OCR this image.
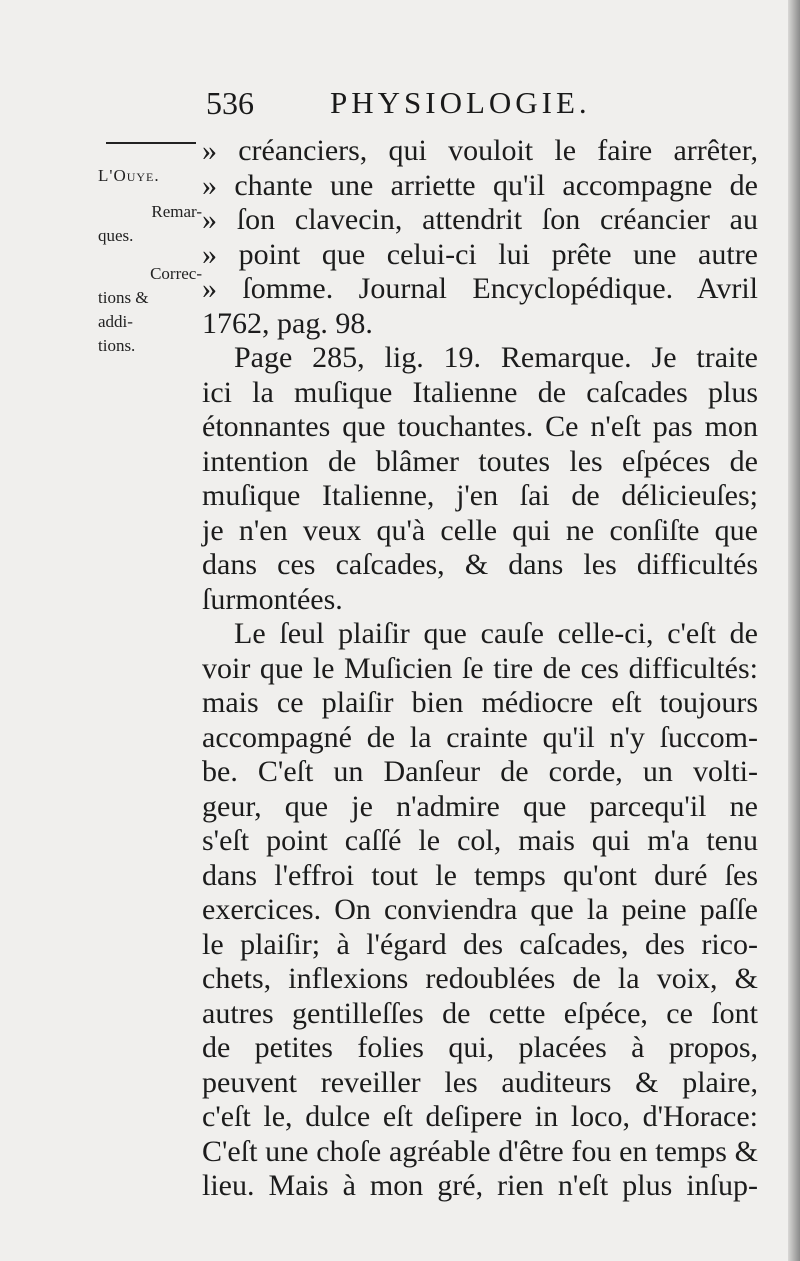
536 PHYSIOLOGIE.
L'Ouye.
Remar-
ques.
Correc-
tions &
addi-
tions.
» créanciers, qui vouloit le faire arrêter,
» chante une arriette qu'il accompagne de
» ſon clavecin, attendrit ſon créancier au
» point que celui-ci lui prête une autre
» ſomme. Journal Encyclopédique. Avril
1762, pag. 98.
Page 285, lig. 19. Remarque. Je traite
ici la muſique Italienne de caſcades plus
étonnantes que touchantes. Ce n'eſt pas mon
intention de blâmer toutes les eſpéces de
muſique Italienne, j'en ſai de délicieuſes;
je n'en veux qu'à celle qui ne conſiſte que
dans ces caſcades, & dans les difficultés
ſurmontées.
Le ſeul plaiſir que cauſe celle-ci, c'eſt de
voir que le Muſicien ſe tire de ces difficultés:
mais ce plaiſir bien médiocre eſt toujours
accompagné de la crainte qu'il n'y ſuccom-
be. C'eſt un Danſeur de corde, un volti-
geur, que je n'admire que parcequ'il ne
s'eſt point caſſé le col, mais qui m'a tenu
dans l'effroi tout le temps qu'ont duré ſes
exercices. On conviendra que la peine paſſe
le plaiſir; à l'égard des caſcades, des rico-
chets, inflexions redoublées de la voix, &
autres gentilleſſes de cette eſpéce, ce ſont
de petites folies qui, placées à propos,
peuvent reveiller les auditeurs & plaire,
c'eſt le, dulce eſt deſipere in loco, d'Horace:
C'eſt une choſe agréable d'être fou en temps &
lieu. Mais à mon gré, rien n'eſt plus inſup-
